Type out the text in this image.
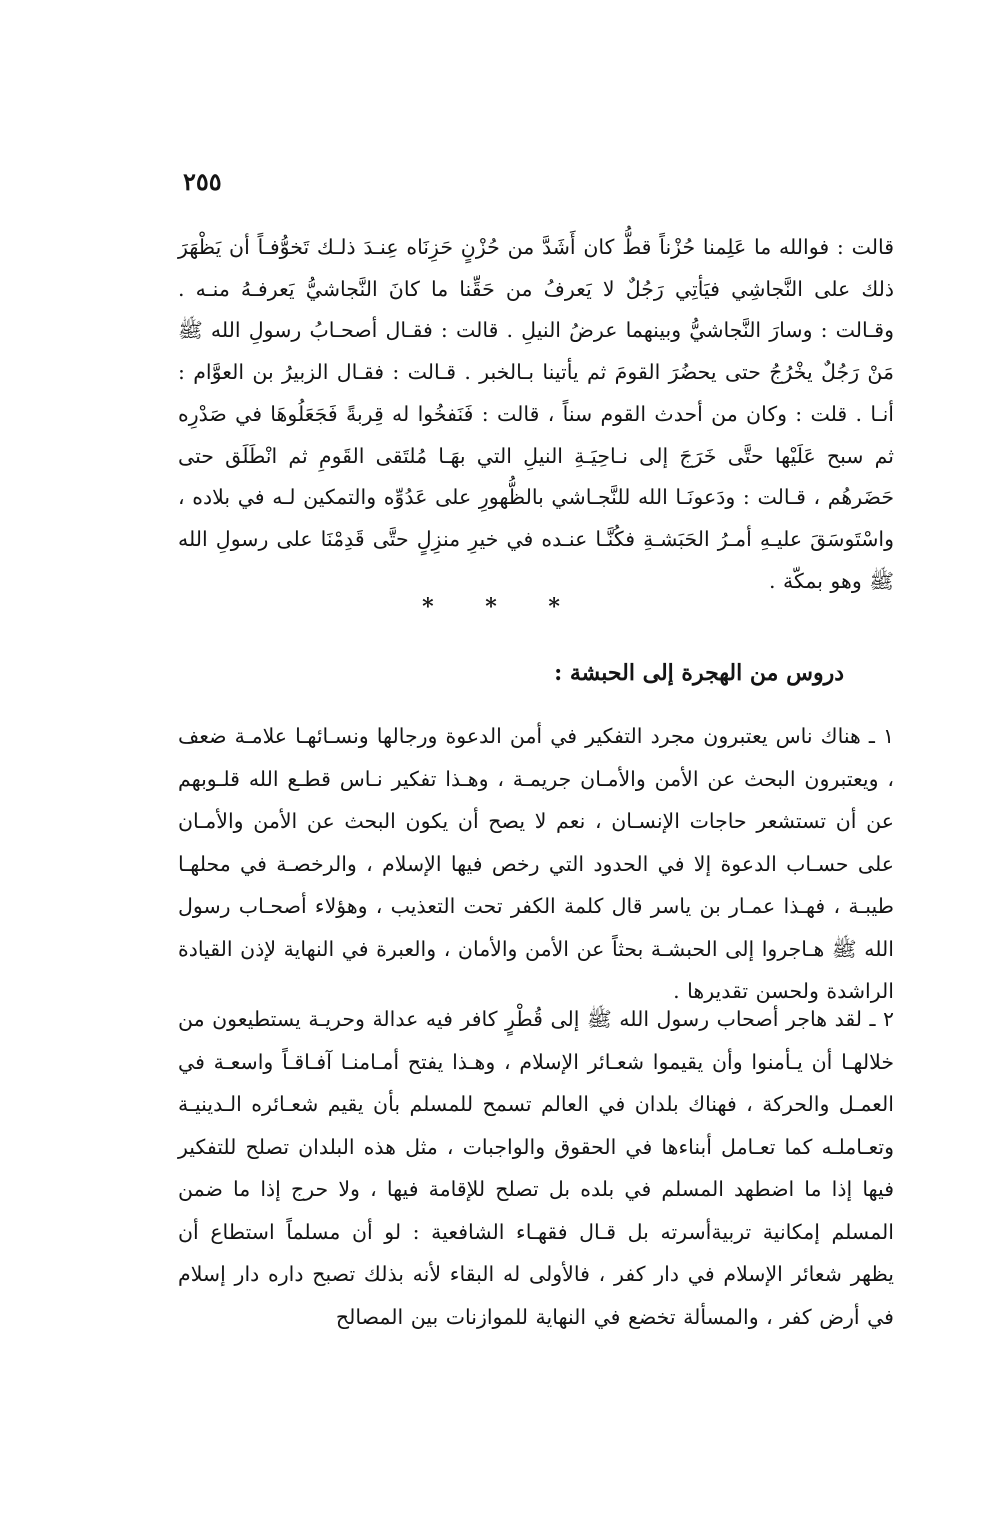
٢٥٥

قالت : فوالله ما عَلِمنا حُزْناً قطُّ كان أَشَدَّ من حُزْنٍ حَزِنَاه عِنـدَ ذلـك تَخوُّفـاً أن يَظْهَرَ ذلك على النَّجاشِي فيَأتِي رَجُلٌ لا يَعرفُ من حَقِّنا ما كانَ النَّجاشيُّ يَعرفـهُ منـه . وقـالت : وسارَ النَّجاشيُّ وبينهما عرضُ النيلِ . قالت : فقـال أصحـابُ رسولِ الله ﷺ مَنْ رَجُلٌ يخْرُجُ حتى يحضُرَ القومَ ثم يأتينا بـالخبر . قـالت : فقـال الزبيرُ بن العوَّام : أنـا . قلت : وكان من أحدث القوم سناً ، قالت : فَنَفخُوا له قِربةً فَجَعَلُوهَا في صَدْرِه ثم سبح عَلَيْها حتَّى خَرَجَ إلى نـاحِيَـةِ النيلِ التي بهَـا مُلتَقى القَومِ ثم انْطَلَق حتى حَضَرهُم ، قـالت : ودَعونَـا الله للنَّجـاشي بالظُّهورِ على عَدُوِّه والتمكين لـه في بلاده ، واسْتَوسَقَ عليـهِ أمـرُ الحَبَشـةِ فكُنَّـا عنـده في خيرِ منزِلٍ حتَّى قَدِمْنَا على رسولِ الله ﷺ وهو بمكّة .

* * *
دروس من الهجرة إلى الحبشة :

١ ـ هناك ناس يعتبرون مجرد التفكير في أمن الدعوة ورجالها ونسـائهـا علامـة ضعف ، ويعتبرون البحث عن الأمن والأمـان جريمـة ، وهـذا تفكير نـاس قطـع الله قلـوبهم عن أن تستشعر حاجات الإنسـان ، نعم لا يصح أن يكون البحث عن الأمن والأمـان على حسـاب الدعوة إلا في الحدود التي رخص فيها الإسلام ، والرخصـة في محلهـا طيبـة ، فهـذا عمـار بن ياسر قال كلمة الكفر تحت التعذيب ، وهؤلاء أصحـاب رسول الله ﷺ هـاجروا إلى الحبشـة بحثاً عن الأمن والأمان ، والعبرة في النهاية لإذن القيادة الراشدة ولحسن تقديرها .

٢ ـ لقد هاجر أصحاب رسول الله ﷺ إلى قُطْرٍ كافر فيه عدالة وحريـة يستطيعون من خلالهـا أن يـأمنوا وأن يقيموا شعـائر الإسلام ، وهـذا يفتح أمـامنـا آفـاقـاً واسعـة في العمـل والحركة ، فهناك بلدان في العالم تسمح للمسلم بأن يقيم شعـائره الـدينيـة وتعـاملـه كما تعـامل أبناءها في الحقوق والواجبات ، مثل هذه البلدان تصلح للتفكير فيها إذا ما اضطهد المسلم في بلده بل تصلح للإقامة فيها ، ولا حرج إذا ما ضمن المسلم إمكانية تربيةأسرته بل قـال فقهـاء الشافعية : لو أن مسلماً استطاع أن يظهر شعائر الإسلام في دار كفر ، فالأولى له البقاء لأنه بذلك تصبح داره دار إسلام في أرض كفر ، والمسألة تخضع في النهاية للموازنات بين المصالح
